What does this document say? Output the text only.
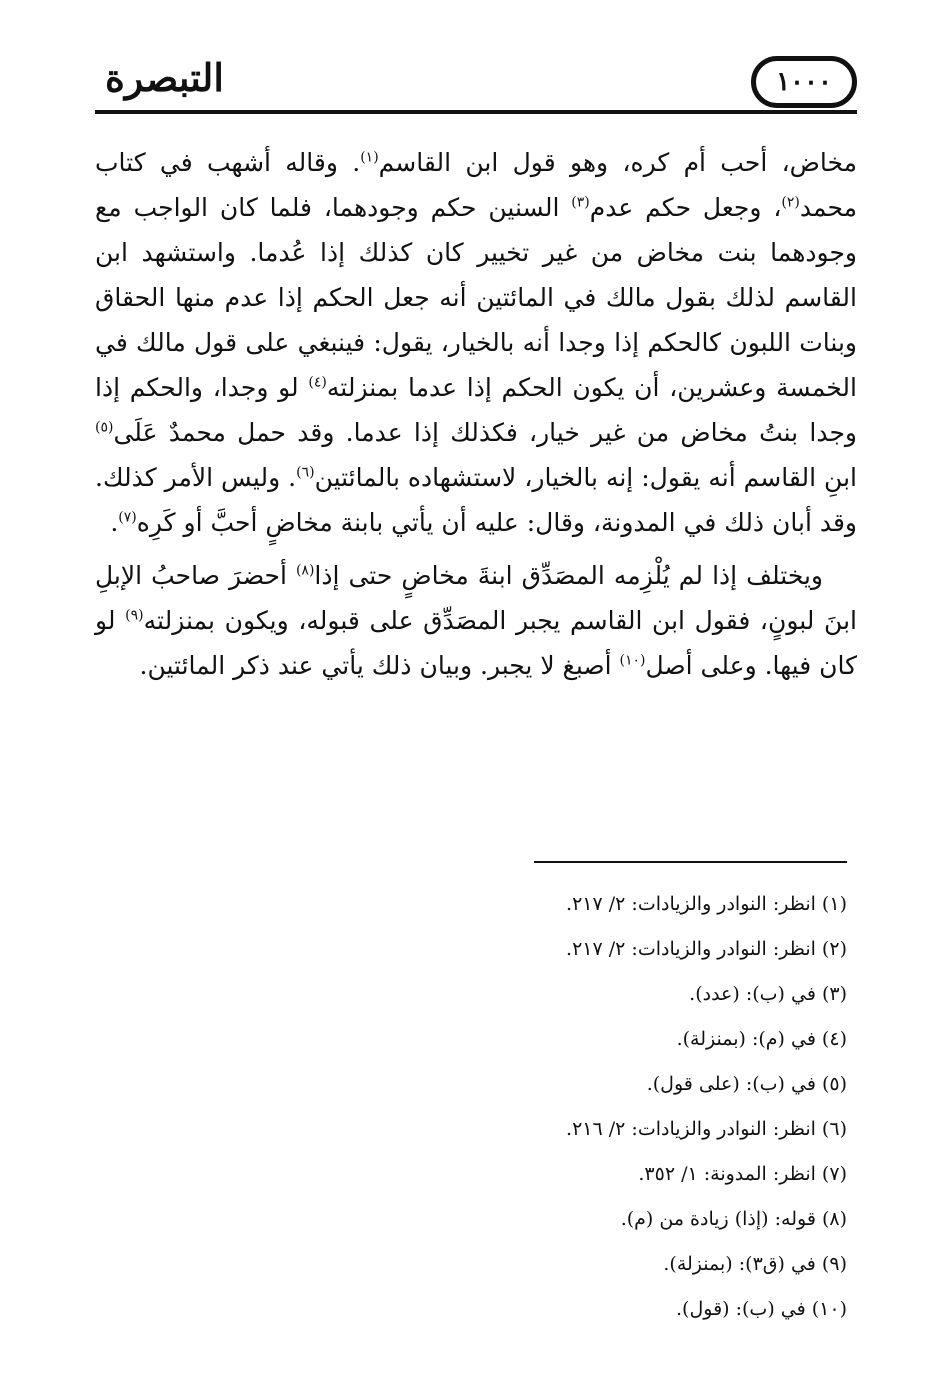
التبصرة	١٠٠٠

مخاض، أحب أم كره، وهو قول ابن القاسم$^{(١)}$. وقاله أشهب في كتاب محمد$^{(٢)}$، وجعل حكم عدم$^{(٣)}$ السنين حكم وجودهما، فلما كان الواجب مع وجودهما بنت مخاض من غير تخيير كان كذلك إذا عُدما. واستشهد ابن القاسم لذلك بقول مالك في المائتين أنه جعل الحكم إذا عدم منها الحقاق وبنات اللبون كالحكم إذا وجدا أنه بالخيار، يقول: فينبغي على قول مالك في الخمسة وعشرين، أن يكون الحكم إذا عدما بمنزلته$^{(٤)}$ لو وجدا، والحكم إذا وجدا بنتُ مخاض من غير خيار، فكذلك إذا عدما. وقد حمل محمدٌ عَلَى$^{(٥)}$ ابنِ القاسم أنه يقول: إنه بالخيار، لاستشهاده بالمائتين$^{(٦)}$. وليس الأمر كذلك. وقد أبان ذلك في المدونة، وقال: عليه أن يأتي بابنة مخاضٍ أحبَّ أو كَرِه$^{(٧)}$.

ويختلف إذا لم يُلْزِمه المصَدِّق ابنةَ مخاضٍ حتى إذا$^{(٨)}$ أحضرَ صاحبُ الإبلِ ابنَ لبونٍ، فقول ابن القاسم يجبر المصَدِّق على قبوله، ويكون بمنزلته$^{(٩)}$ لو كان فيها. وعلى أصل$^{(١٠)}$ أصبغ لا يجبر. وبيان ذلك يأتي عند ذكر المائتين.

(١) انظر: النوادر والزيادات: ٢/ ٢١٧.
(٢) انظر: النوادر والزيادات: ٢/ ٢١٧.
(٣) في (ب): (عدد).
(٤) في (م): (بمنزلة).
(٥) في (ب): (على قول).
(٦) انظر: النوادر والزيادات: ٢/ ٢١٦.
(٧) انظر: المدونة: ١/ ٣٥٢.
(٨) قوله: (إذا) زيادة من (م).
(٩) في (ق٣): (بمنزلة).
(١٠) في (ب): (قول).
